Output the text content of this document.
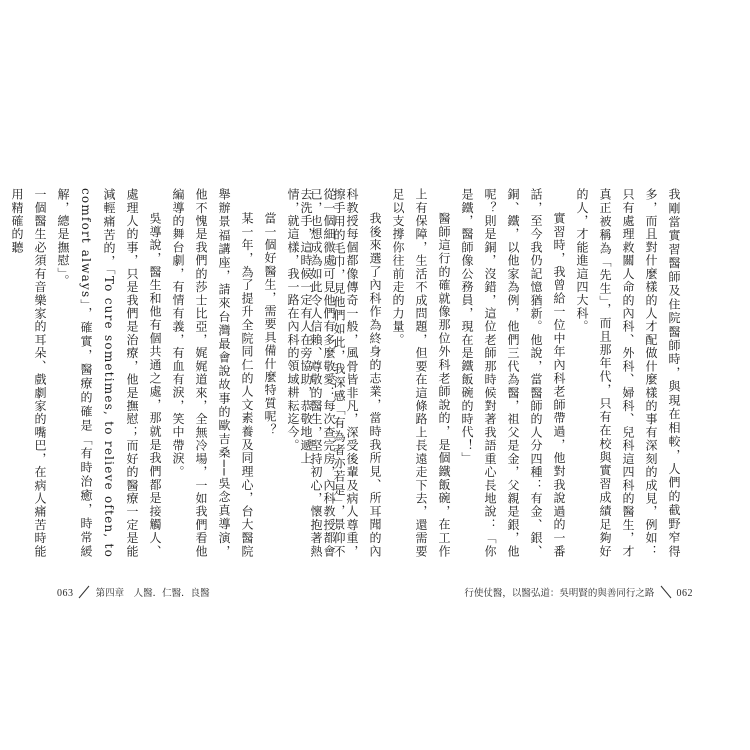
擦手用的毛巾，見他們如此，我深感「有為者亦若是」，景仰不已，也想成為如此令人信賴、尊敬的醫生，堅持初心，懷抱著熱情，就這樣，我一路在內科的領域耕耘迄今。
當一個好醫生，需要具備什麼特質呢？
某一年，為了提升全院同仁的人文素養及同理心，台大醫院舉辦景福講座，請來台灣最會說故事的歐吉桑──吳念真導演，他不愧是我們的莎士比亞，娓娓道來，全無冷場，一如我們看他編導的舞台劇，有情有義，有血有淚，笑中帶淚。
吳導說，醫生和他有個共通之處，那就是我們都是接觸人、處理人的事，只是我們是治療，他是撫慰；而好的醫療一定是能減輕痛苦的，「To cure sometimes, to relieve often, to comfort always」，確實，醫療的確是「有時治癒，時常緩解，總是撫慰」。
一個醫生必須有音樂家的耳朵、戲劇家的嘴巴，在病人痛苦時能用精確的聽
063 第四章　人醫．仁醫．良醫
我剛當實習醫師及住院醫師時，與現在相較，人們的截野窄得多，而且對什麼樣的人才配做什麼樣的事有深刻的成見，例如：只有處理救關人命的內科、外科、婦科、兒科這四科的醫生，才真正被稱為「先生」，而且那年代，只有在校與實習成績足夠好的人，才能進這四大科。
實習時，我曾給一位中年內科老師帶過，他對我說過的一番話，至今我仍記憶猶新。他說，當醫師的人分四種：有金、銀、銅、鐵，以他家為例，他們三代為醫，祖父是金，父親是銀，他呢？則是銅，沒錯，這位老師那時候對著我語重心長地說：「你是鐵，醫師像公務員，現在是鐵飯碗的時代！」
醫師這行的確就像那位外科老師說的，是個鐵飯碗，在工作上有保障，生活不成問題，但要在這條路上長遠走下去，還需要足以支撐你往前走的力量。
我後來選了內科作為終身的志業，當時我所見、所耳聞的內科教授每個都像傳奇一般，風骨皆非凡，深受後輩及病人尊重，從一個細微處可見他們有多麼敬愛：每次查完房，內科教授都會去洗手，這時候一定有人在旁協助，恭敬地遞上
行使仗醫，以醫弘道：吳明賢的與善同行之路 062
